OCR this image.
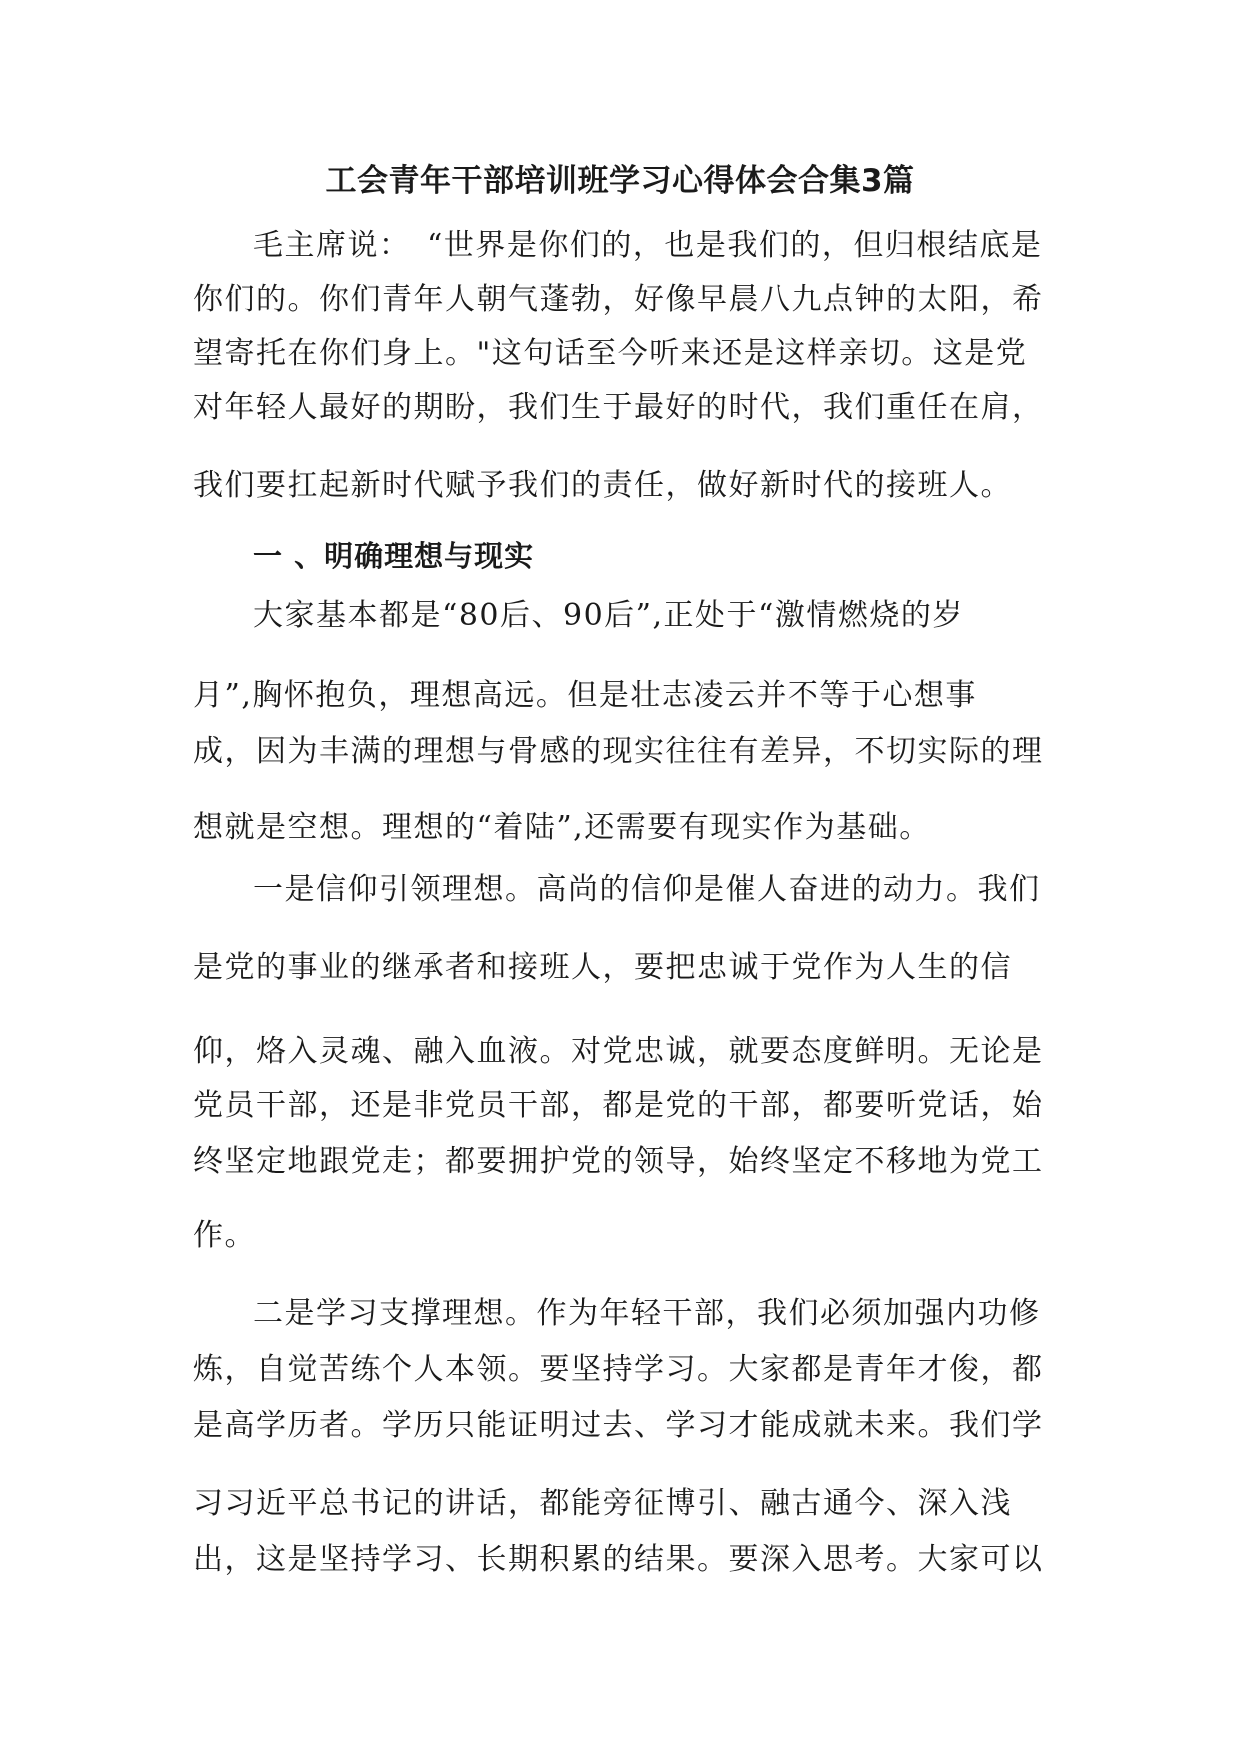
工会青年干部培训班学习心得体会合集3篇

毛主席说：　“世界是你们的，也是我们的，但归根结底是

你们的。你们青年人朝气蓬勃，好像早晨八九点钟的太阳，希

望寄托在你们身上。"这句话至今听来还是这样亲切。这是党

对年轻人最好的期盼，我们生于最好的时代，我们重任在肩，

我们要扛起新时代赋予我们的责任，做好新时代的接班人。

一 、明确理想与现实

大家基本都是“80后、90后”,正处于“激情燃烧的岁

月”,胸怀抱负，理想高远。但是壮志凌云并不等于心想事

成，因为丰满的理想与骨感的现实往往有差异，不切实际的理

想就是空想。理想的“着陆”,还需要有现实作为基础。

一是信仰引领理想。高尚的信仰是催人奋进的动力。我们

是党的事业的继承者和接班人，要把忠诚于党作为人生的信

仰，烙入灵魂、融入血液。对党忠诚，就要态度鲜明。无论是

党员干部，还是非党员干部，都是党的干部，都要听党话，始

终坚定地跟党走；都要拥护党的领导，始终坚定不移地为党工

作。

二是学习支撑理想。作为年轻干部，我们必须加强内功修

炼，自觉苦练个人本领。要坚持学习。大家都是青年才俊，都

是高学历者。学历只能证明过去、学习才能成就未来。我们学

习习近平总书记的讲话，都能旁征博引、融古通今、深入浅

出，这是坚持学习、长期积累的结果。要深入思考。大家可以
